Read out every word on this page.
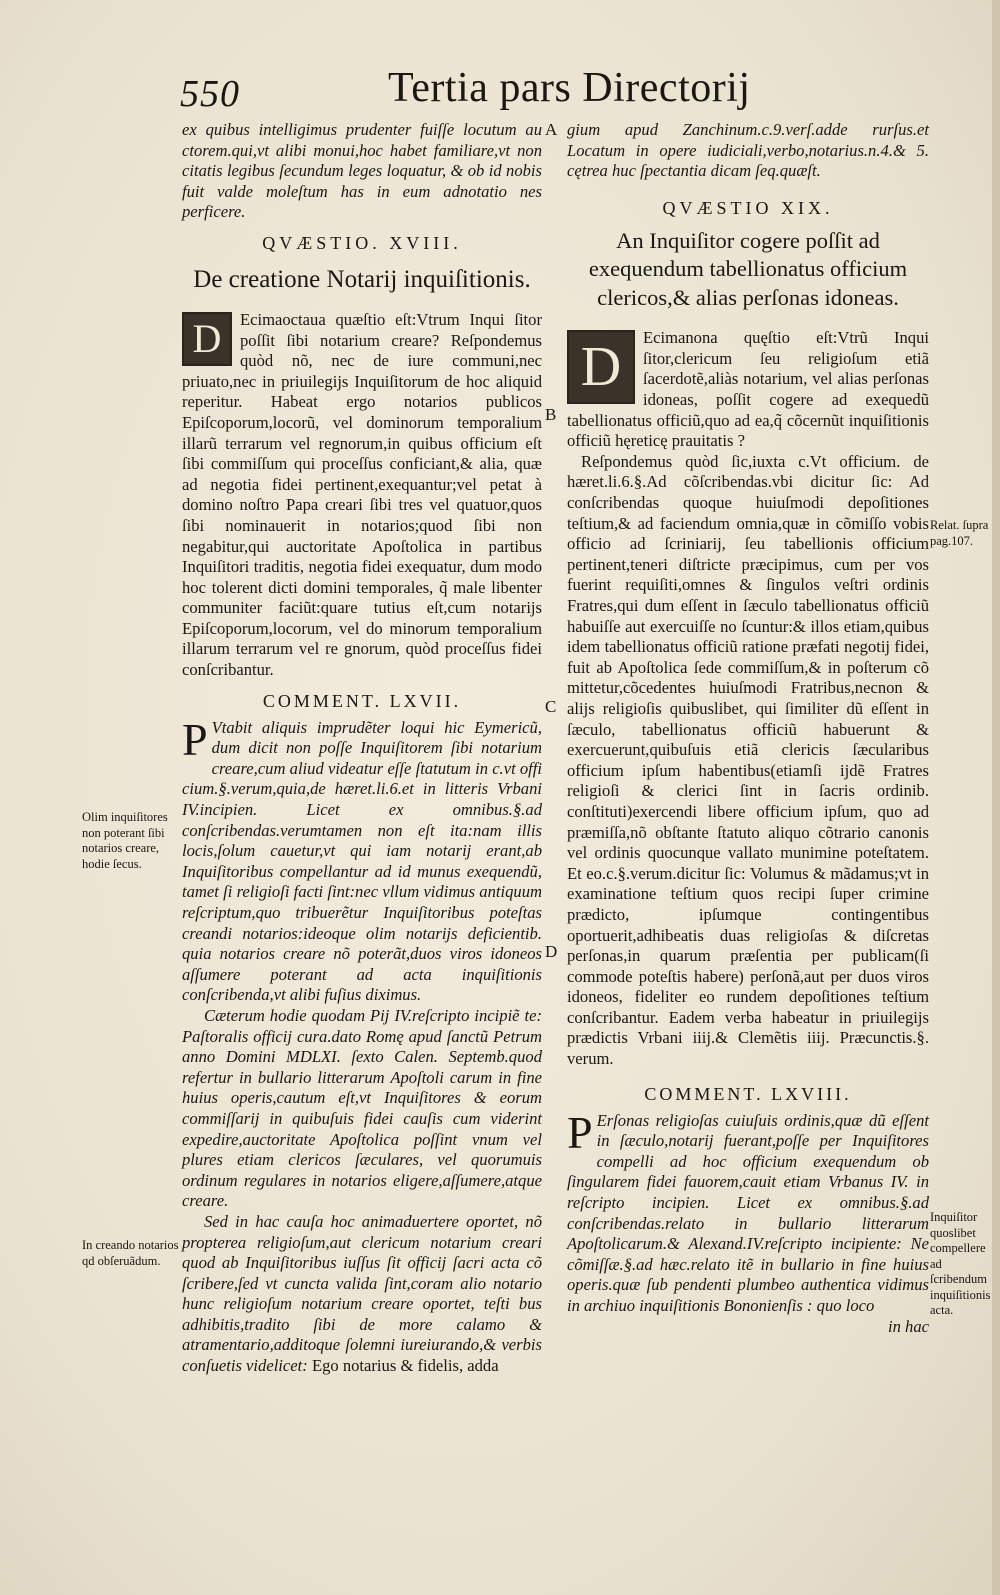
550	Tertia pars Directorij
A
B
C
D

ex quibus intelligimus prudenter fuiſſe locutum au ctorem.qui,vt alibi monui,hoc habet familiare,vt non citatis legibus ſecundum leges loquatur, & ob id nobis fuit valde moleſtum has in eum adnotatio nes perficere.

QVÆSTIO. XVIII.
De creatione Notarij inquiſitionis.
D	Ecimaoctaua quæſtio eſt:Vtrum Inqui ſitor poſſit ſibi notarium creare? Reſpondemus quòd nõ, nec de iure communi,nec priuato,nec in priuilegijs Inquiſitorum de hoc aliquid reperitur. Habeat ergo notarios publicos Epiſcoporum,locorũ, vel dominorum temporalium illarũ terrarum vel regnorum,in quibus officium eſt ſibi commiſſum qui proceſſus conficiant,& alia, quæ ad negotia fidei pertinent,exequantur;vel petat à domino noſtro Papa creari ſibi tres vel quatuor,quos ſibi nominauerit in notarios;quod ſibi non negabitur,qui auctoritate Apoſtolica in partibus Inquiſitori traditis, negotia fidei exequatur, dum modo hoc tolerent dicti domini temporales, q̃ male libenter communiter faciũt:quare tutius eſt,cum notarijs Epiſcoporum,locorum, vel do minorum temporalium illarum terrarum vel re gnorum, quòd proceſſus fidei conſcribantur.

COMMENT. LXVII.
P Vtabit aliquis imprudẽter loqui hic Eymericũ, dum dicit non poſſe Inquiſitorem ſibi notarium creare,cum aliud videatur eſſe ſtatutum in c.vt offi cium.§.verum,quia,de hæret.li.6.et in litteris Vrbani IV.incipien. Licet ex omnibus.§.ad conſcribendas.verumtamen non eſt ita:nam illis locis,ſolum cauetur,vt qui iam notarij erant,ab Inquiſitoribus compellantur ad id munus exequendũ, tamet ſi religioſi facti ſint:nec vllum vidimus antiquum reſcriptum,quo tribuerẽtur Inquiſitoribus poteſtas creandi notarios:ideoque olim notarijs deficientib. quia notarios creare nõ poterãt,duos viros idoneos aſſumere poterant ad acta inquiſitionis conſcribenda,vt alibi fuſius diximus.

Cæterum hodie quodam Pij IV.reſcripto incipiẽ te: Paſtoralis officij cura.dato Romę apud ſanctũ Petrum anno Domini MDLXI. ſexto Calen. Septemb.quod refertur in bullario litterarum Apoſtoli carum in fine huius operis,cautum eſt,vt Inquiſitores & eorum commiſſarij in quibuſuis fidei cauſis cum viderint expedire,auctoritate Apoſtolica poſſint vnum vel plures etiam clericos ſæculares, vel quorumuis ordinum regulares in notarios eligere,aſſumere,atque creare.

Sed in hac cauſa hoc animaduertere oportet, nõ propterea religioſum,aut clericum notarium creari quod ab Inquiſitoribus iuſſus ſit officij ſacri acta cõ ſcribere,ſed vt cuncta valida ſint,coram alio notario hunc religioſum notarium creare oportet, teſti bus adhibitis,tradito ſibi de more calamo & atramentario,additoque ſolemni iureiurando,& verbis conſuetis videlicet: Ego notarius & fidelis, adda

gium apud Zanchinum.c.9.verſ.adde rurſus.et Locatum in opere iudiciali,verbo,notarius.n.4.& 5. cętrea huc ſpectantia dicam ſeq.quæſt.

QVÆSTIO XIX.
An Inquiſitor cogere poſſit ad exequendum tabellionatus officium clericos,& alias perſonas idoneas.
D	Ecimanona quęſtio eſt:Vtrũ Inqui ſitor,clericum ſeu religioſum etiã ſacerdotẽ,aliàs notarium, vel alias perſonas idoneas, poſſit cogere ad exequedũ tabellionatus officiũ,quo ad ea,q̃ cõcernũt inquiſitionis officiũ hęreticę prauitatis ?

Reſpondemus quòd ſic,iuxta c.Vt officium. de hæret.li.6.§.Ad cõſcribendas.vbi dicitur ſic: Ad conſcribendas quoque huiuſmodi depoſitiones teſtium,& ad faciendum omnia,quæ in cõmiſſo vobis officio ad ſcriniarij, ſeu tabellionis officium pertinent,teneri diſtricte præcipimus, cum per vos fuerint requiſiti,omnes & ſingulos veſtri ordinis Fratres,qui dum eſſent in ſæculo tabellionatus officiũ habuiſſe aut exercuiſſe no ſcuntur:& illos etiam,quibus idem tabellionatus officiũ ratione præfati negotij fidei, fuit ab Apoſtolica ſede commiſſum,& in poſterum cõ mittetur,cõcedentes huiuſmodi Fratribus,necnon & alijs religioſis quibuslibet, qui ſimiliter dũ eſſent in ſæculo, tabellionatus officiũ habuerunt & exercuerunt,quibuſuis etiã clericis ſæcularibus officium ipſum habentibus(etiamſi ijdẽ Fratres religioſi & clerici ſint in ſacris ordinib. conſtituti)exercendi libere officium ipſum, quo ad præmiſſa,nõ obſtante ſtatuto aliquo cõtrario canonis vel ordinis quocunque vallato munimine poteſtatem. Et eo.c.§.verum.dicitur ſic: Volumus & mãdamus;vt in examinatione teſtium quos recipi ſuper crimine prædicto, ipſumque contingentibus oportuerit,adhibeatis duas religioſas & diſcretas perſonas,in quarum præſentia per publicam(ſi commode poteſtis habere) perſonã,aut per duos viros idoneos, fideliter eo rundem depoſitiones teſtium conſcribantur. Eadem verba habeatur in priuilegijs prædictis Vrbani iiij.& Clemẽtis iiij. Præcunctis.§. verum.

COMMENT. LXVIII.
P Erſonas religioſas cuiuſuis ordinis,quæ dũ eſſent in ſæculo,notarij fuerant,poſſe per Inquiſitores compelli ad hoc officium exequendum ob ſingularem fidei fauorem,cauit etiam Vrbanus IV. in reſcripto incipien. Licet ex omnibus.§.ad conſcribendas.relato in bullario litterarum Apoſtolicarum.& Alexand.IV.reſcripto incipiente: Ne cõmiſſæ.§.ad hæc.relato itẽ in bullario in fine huius operis.quæ ſub pendenti plumbeo authentica vidimus in archiuo inquiſitionis Bononienſis : quo loco

in hac

Olim inquiſitores non poterant ſibi notarios creare, hodie ſecus.
In creando notarios qd obſeruãdum.
Relat. ſupra pag.107.
Inquiſitor quoslibet compellere ad ſcribendum inquiſitionis acta.
